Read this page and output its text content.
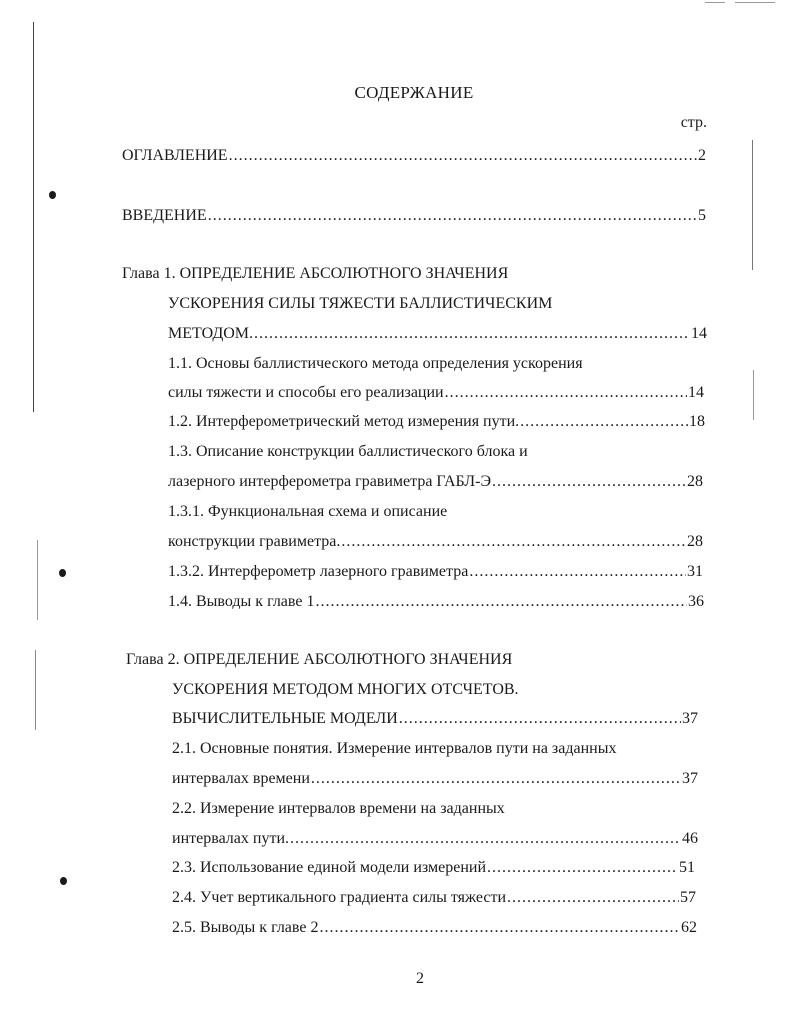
СОДЕРЖАНИЕ
стр.
ОГЛАВЛЕНИЕ .....	2
ВВЕДЕНИЕ .....	5
Глава 1. ОПРЕДЕЛЕНИЕ АБСОЛЮТНОГО ЗНАЧЕНИЯ
УСКОРЕНИЯ СИЛЫ ТЯЖЕСТИ БАЛЛИСТИЧЕСКИМ
МЕТОДОМ. .....	14
1.1. Основы баллистического метода определения ускорения
силы тяжести и способы его реализации .....	14
1.2. Интерферометрический метод измерения пути. .....	18
1.3. Описание конструкции баллистического блока и
лазерного интерферометра гравиметра ГАБЛ-Э .....	28
1.3.1. Функциональная схема и описание
конструкции гравиметра. .....	28
1.3.2. Интерферометр лазерного гравиметра .....	31
1.4. Выводы к главе 1 .....	36
Глава 2. ОПРЕДЕЛЕНИЕ АБСОЛЮТНОГО ЗНАЧЕНИЯ
УСКОРЕНИЯ МЕТОДОМ МНОГИХ ОТСЧЕТОВ.
ВЫЧИСЛИТЕЛЬНЫЕ МОДЕЛИ .....	37
2.1. Основные понятия. Измерение интервалов пути на заданных
интервалах времени .....	37
2.2. Измерение интервалов времени на заданных
интервалах пути. .....	46
2.3. Использование единой модели измерений .....	51
2.4. Учет вертикального градиента силы тяжести .....	57
2.5. Выводы к главе 2 .....	62
2
